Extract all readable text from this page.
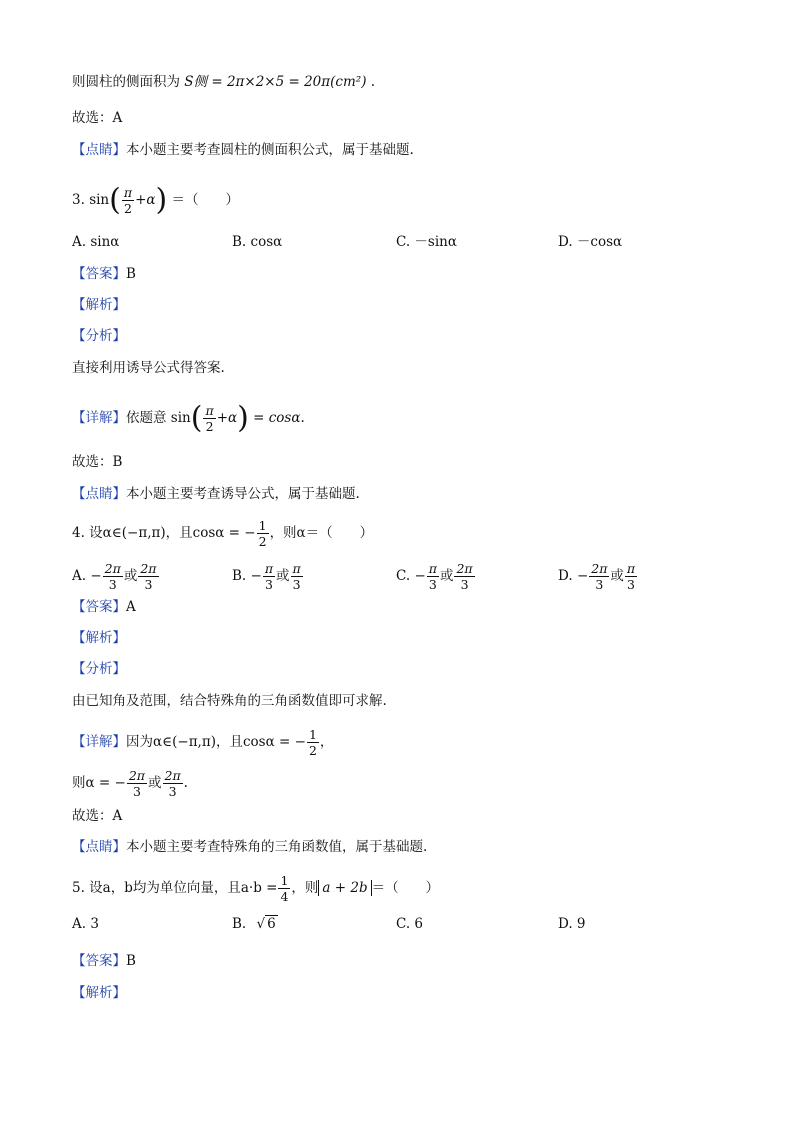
则圆柱的侧面积为 S侧 = 2π×2×5 = 20π(cm²) .
故选：A
【点睛】本小题主要考查圆柱的侧面积公式，属于基础题.
3. $\sin( \frac{\pi}{2} +\alpha)$ ＝（　　）
A. sinα	B. cosα	C. －sinα	D. －cosα
【答案】B
【解析】
【分析】
直接利用诱导公式得答案.
【详解】依题意 $\sin( \frac{\pi}{2} +\alpha) = \cos\alpha$.
故选：B
【点睛】本小题主要考查诱导公式，属于基础题.
4. 设α∈(−π,π)，且cosα = − $\frac{1}{2}$ ，则α＝（　　）
A. − $\frac{2\pi}{3}$ 或 $\frac{2\pi}{3}$	B. − $\frac{\pi}{3}$ 或 $\frac{\pi}{3}$	C. − $\frac{\pi}{3}$ 或 $\frac{2\pi}{3}$	D. − $\frac{2\pi}{3}$ 或 $\frac{\pi}{3}$
【答案】A
【解析】
【分析】
由已知角及范围，结合特殊角的三角函数值即可求解.
【详解】因为α∈(−π,π)，且cosα = − $\frac{1}{2}$ ，
则α = − $\frac{2\pi}{3}$ 或 $\frac{2\pi}{3}$ .
故选：A
【点睛】本小题主要考查特殊角的三角函数值，属于基础题.
5. 设a，b均为单位向量，且$a\cdot b = \frac{1}{4}$ ，则 a + 2b ＝（　　）
A. 3	B. √ 6	C. 6	D. 9
【答案】B
【解析】
